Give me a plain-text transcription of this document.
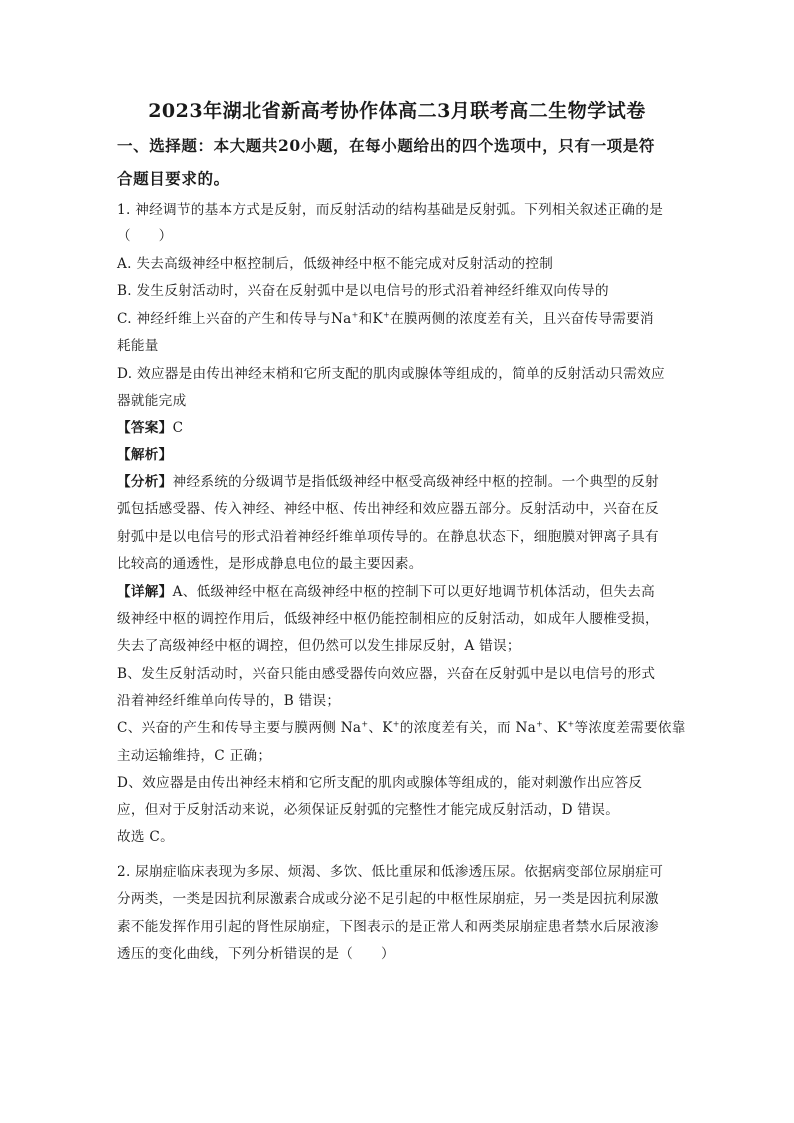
2023年湖北省新高考协作体高二3月联考高二生物学试卷
一、选择题：本大题共20小题，在每小题给出的四个选项中，只有一项是符
合题目要求的。
1. 神经调节的基本方式是反射，而反射活动的结构基础是反射弧。下列相关叙述正确的是
（　　）
A. 失去高级神经中枢控制后，低级神经中枢不能完成对反射活动的控制
B. 发生反射活动时，兴奋在反射弧中是以电信号的形式沿着神经纤维双向传导的
C. 神经纤维上兴奋的产生和传导与Na+和K+在膜两侧的浓度差有关，且兴奋传导需要消
耗能量
D. 效应器是由传出神经末梢和它所支配的肌肉或腺体等组成的，简单的反射活动只需效应
器就能完成
【答案】C
【解析】
【分析】神经系统的分级调节是指低级神经中枢受高级神经中枢的控制。一个典型的反射
弧包括感受器、传入神经、神经中枢、传出神经和效应器五部分。反射活动中，兴奋在反
射弧中是以电信号的形式沿着神经纤维单项传导的。在静息状态下，细胞膜对钾离子具有
比较高的通透性，是形成静息电位的最主要因素。
【详解】A、低级神经中枢在高级神经中枢的控制下可以更好地调节机体活动，但失去高
级神经中枢的调控作用后，低级神经中枢仍能控制相应的反射活动，如成年人腰椎受损，
失去了高级神经中枢的调控，但仍然可以发生排尿反射，A 错误；
B、发生反射活动时，兴奋只能由感受器传向效应器，兴奋在反射弧中是以电信号的形式
沿着神经纤维单向传导的，B 错误；
C、兴奋的产生和传导主要与膜两侧 Na+、K+的浓度差有关，而 Na+、K+等浓度差需要依靠
主动运输维持，C 正确；
D、效应器是由传出神经末梢和它所支配的肌肉或腺体等组成的，能对刺激作出应答反
应，但对于反射活动来说，必须保证反射弧的完整性才能完成反射活动，D 错误。
故选 C。
2. 尿崩症临床表现为多尿、烦渴、多饮、低比重尿和低渗透压尿。依据病变部位尿崩症可
分两类，一类是因抗利尿激素合成或分泌不足引起的中枢性尿崩症，另一类是因抗利尿激
素不能发挥作用引起的肾性尿崩症，下图表示的是正常人和两类尿崩症患者禁水后尿液渗
透压的变化曲线，下列分析错误的是（　　）
